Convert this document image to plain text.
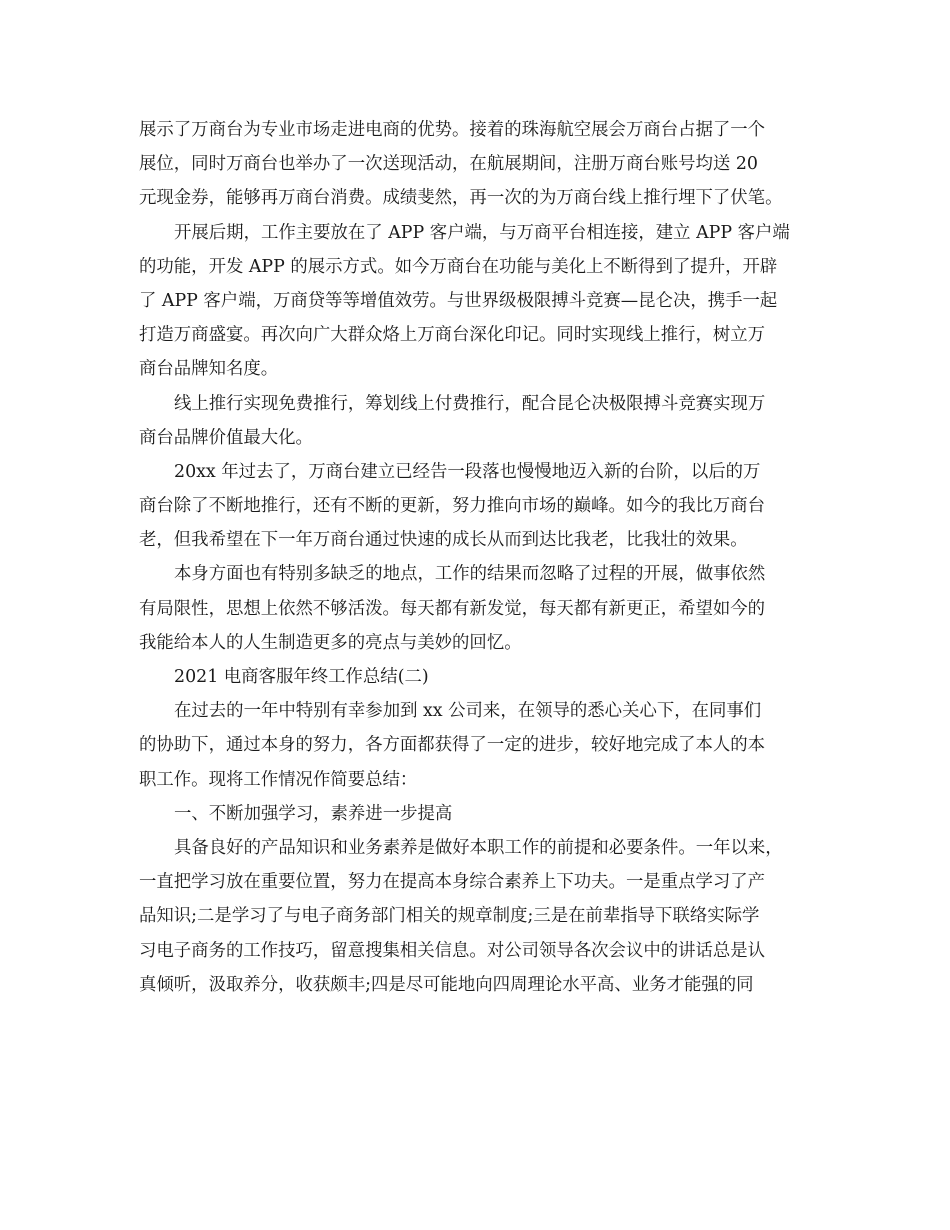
展示了万商台为专业市场走进电商的优势。接着的珠海航空展会万商台占据了一个
展位，同时万商台也举办了一次送现活动，在航展期间，注册万商台账号均送 20
元现金券，能够再万商台消费。成绩斐然，再一次的为万商台线上推行埋下了伏笔。
开展后期，工作主要放在了 APP 客户端，与万商平台相连接，建立 APP 客户端
的功能，开发 APP 的展示方式。如今万商台在功能与美化上不断得到了提升，开辟
了 APP 客户端，万商贷等等增值效劳。与世界级极限搏斗竞赛—昆仑决，携手一起
打造万商盛宴。再次向广大群众烙上万商台深化印记。同时实现线上推行，树立万
商台品牌知名度。
线上推行实现免费推行，筹划线上付费推行，配合昆仑决极限搏斗竞赛实现万
商台品牌价值最大化。
20xx 年过去了，万商台建立已经告一段落也慢慢地迈入新的台阶，以后的万
商台除了不断地推行，还有不断的更新，努力推向市场的巅峰。如今的我比万商台
老，但我希望在下一年万商台通过快速的成长从而到达比我老，比我壮的效果。
本身方面也有特别多缺乏的地点，工作的结果而忽略了过程的开展，做事依然
有局限性，思想上依然不够活泼。每天都有新发觉，每天都有新更正，希望如今的
我能给本人的人生制造更多的亮点与美妙的回忆。
2021 电商客服年终工作总结(二)
在过去的一年中特别有幸参加到 xx 公司来，在领导的悉心关心下，在同事们
的协助下，通过本身的努力，各方面都获得了一定的进步，较好地完成了本人的本
职工作。现将工作情况作简要总结：
一、不断加强学习，素养进一步提高
具备良好的产品知识和业务素养是做好本职工作的前提和必要条件。一年以来，
一直把学习放在重要位置，努力在提高本身综合素养上下功夫。一是重点学习了产
品知识;二是学习了与电子商务部门相关的规章制度;三是在前辈指导下联络实际学
习电子商务的工作技巧，留意搜集相关信息。对公司领导各次会议中的讲话总是认
真倾听，汲取养分，收获颇丰;四是尽可能地向四周理论水平高、业务才能强的同
